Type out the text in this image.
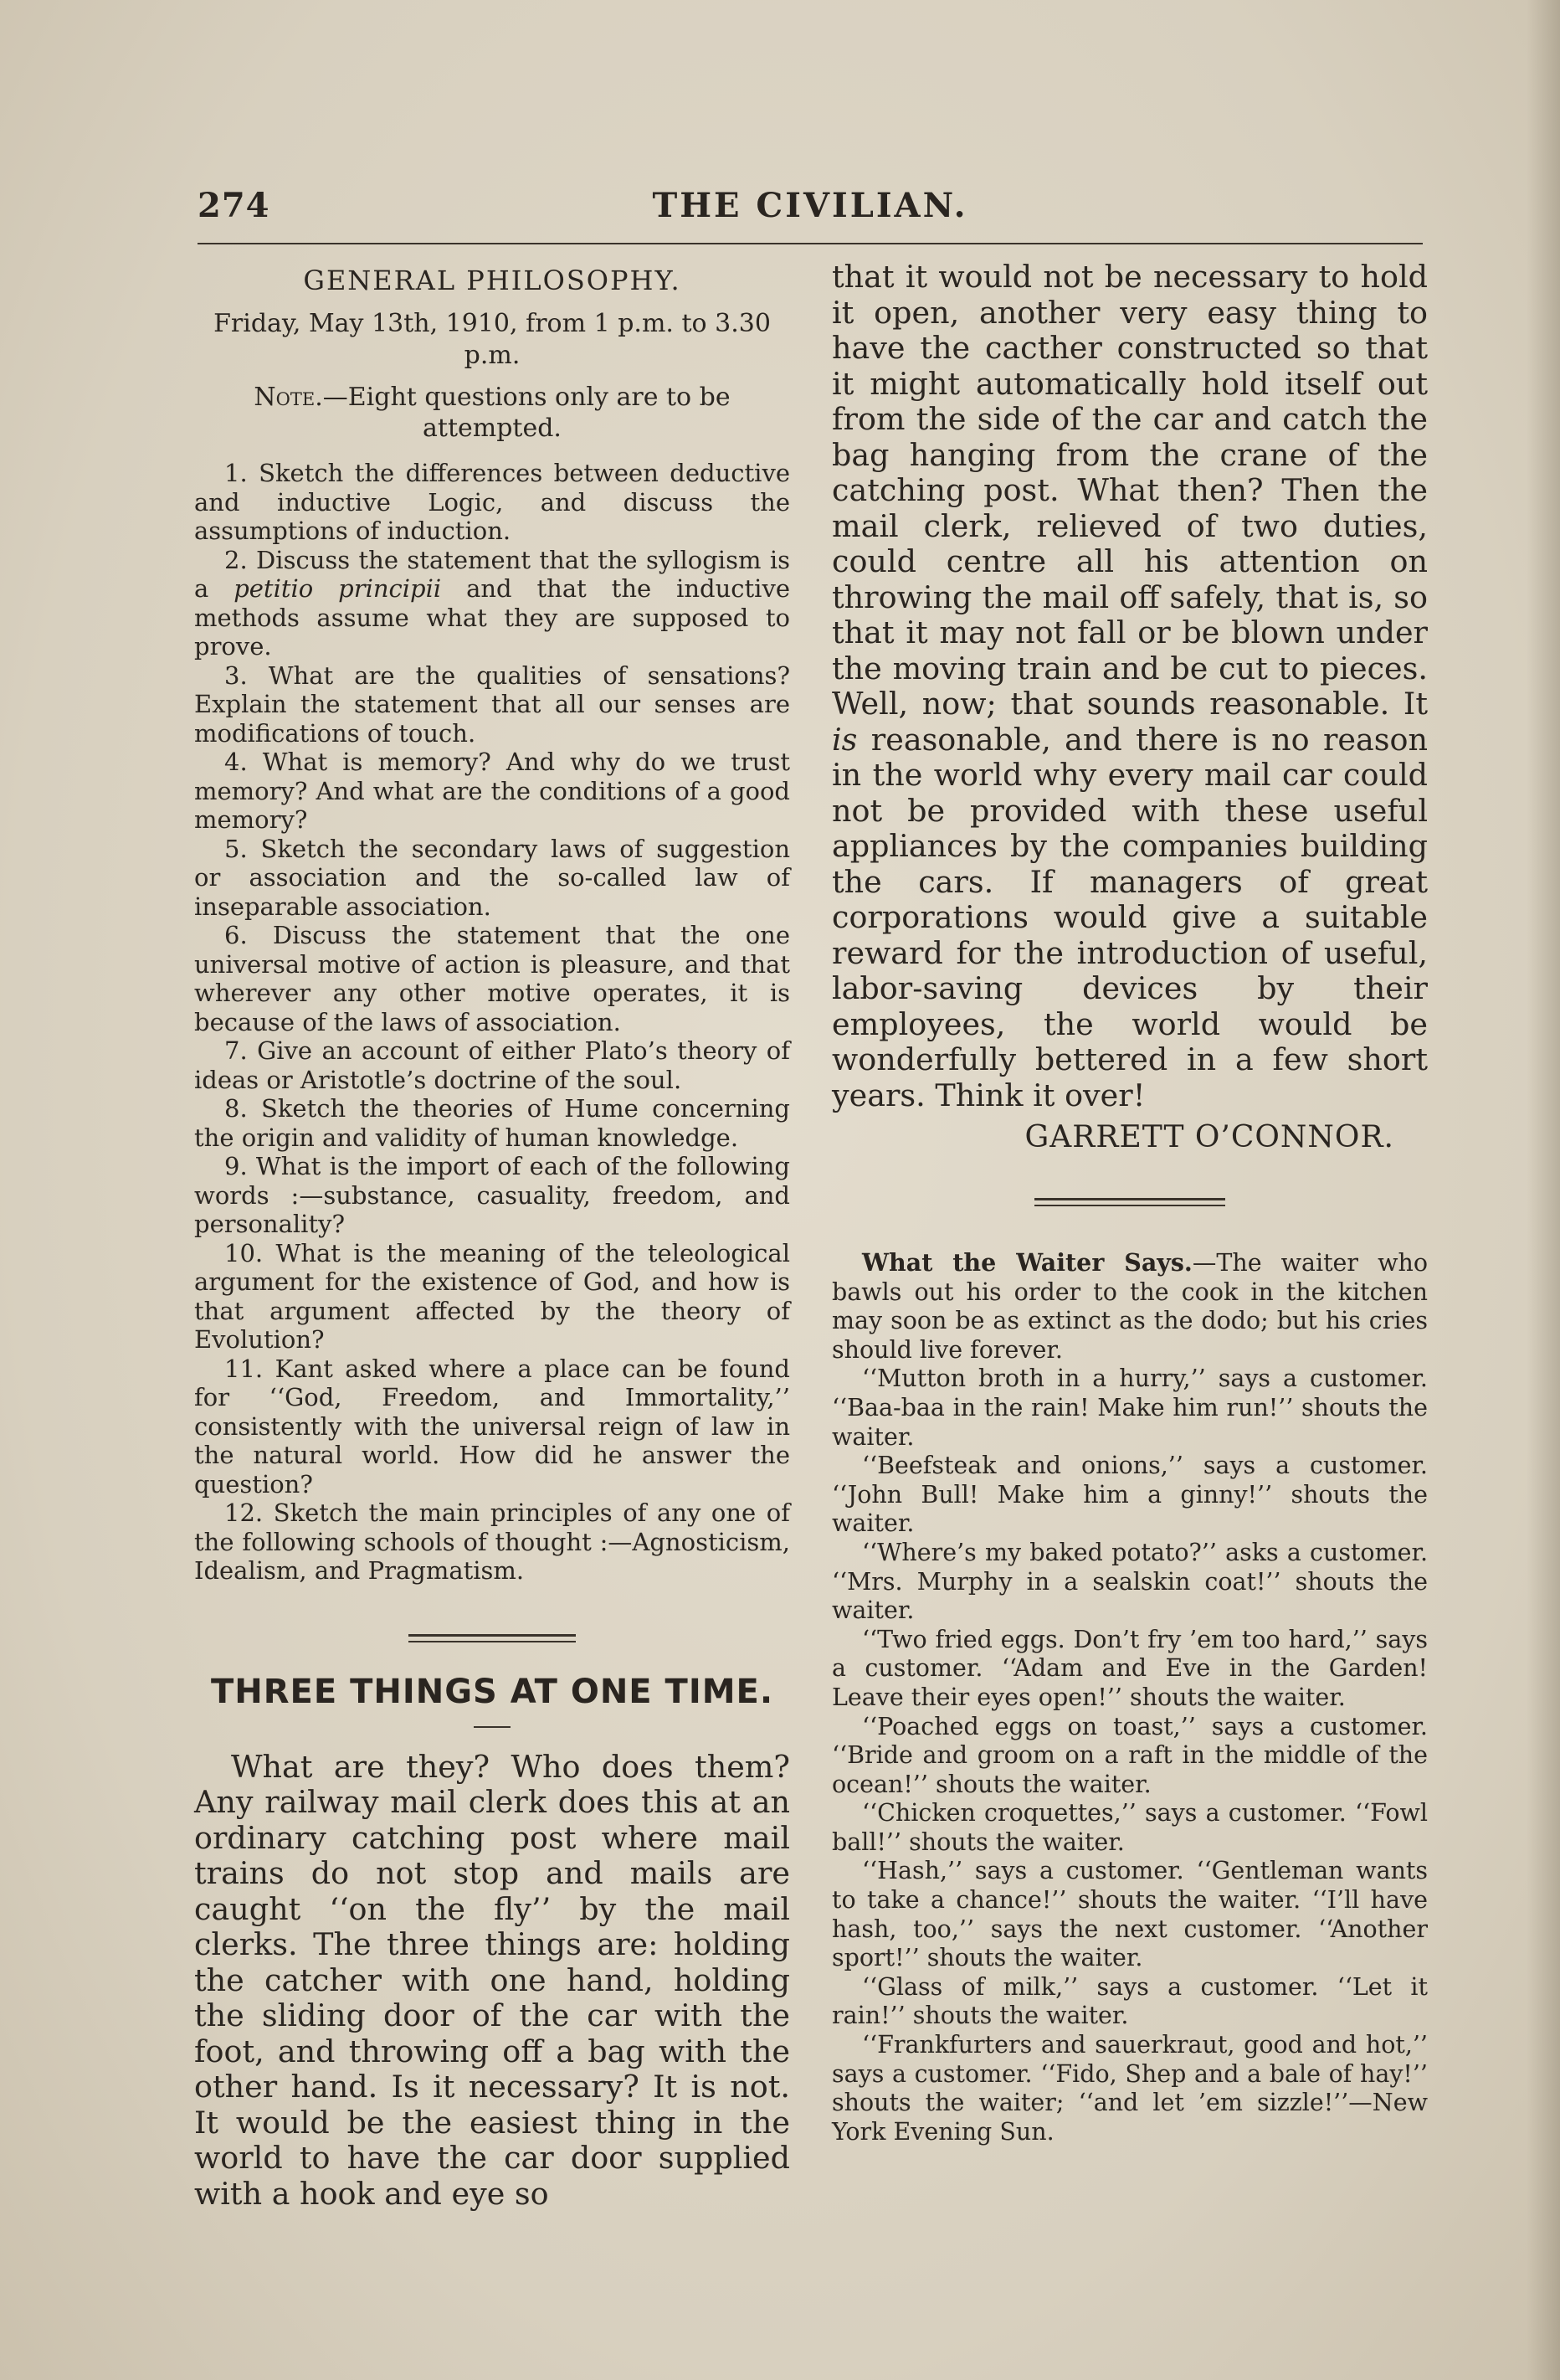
274	THE CIVILIAN.
GENERAL PHILOSOPHY.
Friday, May 13th, 1910, from 1 p.m. to 3.30 p.m.
Note.—Eight questions only are to be attempted.

1. Sketch the differences between deductive and inductive Logic, and discuss the assumptions of induction.

2. Discuss the statement that the syllogism is a petitio principii and that the inductive methods assume what they are supposed to prove.

3. What are the qualities of sensations? Explain the statement that all our senses are modifications of touch.

4. What is memory? And why do we trust memory? And what are the conditions of a good memory?

5. Sketch the secondary laws of suggestion or association and the so-called law of inseparable association.

6. Discuss the statement that the one universal motive of action is pleasure, and that wherever any other motive operates, it is because of the laws of association.

7. Give an account of either Plato’s theory of ideas or Aristotle’s doctrine of the soul.

8. Sketch the theories of Hume concerning the origin and validity of human knowledge.

9. What is the import of each of the following words :—substance, casuality, freedom, and personality?

10. What is the meaning of the teleological argument for the existence of God, and how is that argument affected by the theory of Evolution?

11. Kant asked where a place can be found for ‘‘God, Freedom, and Immortality,’’ consistently with the universal reign of law in the natural world. How did he answer the question?

12. Sketch the main principles of any one of the following schools of thought :—Agnosticism, Idealism, and Pragmatism.

THREE THINGS AT ONE TIME.

What are they? Who does them? Any railway mail clerk does this at an ordinary catching post where mail trains do not stop and mails are caught ‘‘on the fly’’ by the mail clerks. The three things are: holding the catcher with one hand, holding the sliding door of the car with the foot, and throwing off a bag with the other hand. Is it necessary? It is not. It would be the easiest thing in the world to have the car door supplied with a hook and eye so

that it would not be necessary to hold it open, another very easy thing to have the cacther constructed so that it might automatically hold itself out from the side of the car and catch the bag hanging from the crane of the catching post. What then? Then the mail clerk, relieved of two duties, could centre all his attention on throwing the mail off safely, that is, so that it may not fall or be blown under the moving train and be cut to pieces. Well, now; that sounds reasonable. It is reasonable, and there is no reason in the world why every mail car could not be provided with these useful appliances by the companies building the cars. If managers of great corporations would give a suitable reward for the introduction of useful, labor-saving devices by their employees, the world would be wonderfully bettered in a few short years. Think it over!

GARRETT O’CONNOR.

What the Waiter Says.—The waiter who bawls out his order to the cook in the kitchen may soon be as extinct as the dodo; but his cries should live forever.

‘‘Mutton broth in a hurry,’’ says a customer. ‘‘Baa-baa in the rain! Make him run!’’ shouts the waiter.

‘‘Beefsteak and onions,’’ says a customer. ‘‘John Bull! Make him a ginny!’’ shouts the waiter.

‘‘Where’s my baked potato?’’ asks a customer. ‘‘Mrs. Murphy in a sealskin coat!’’ shouts the waiter.

‘‘Two fried eggs. Don’t fry ’em too hard,’’ says a customer. ‘‘Adam and Eve in the Garden! Leave their eyes open!’’ shouts the waiter.

‘‘Poached eggs on toast,’’ says a customer. ‘‘Bride and groom on a raft in the middle of the ocean!’’ shouts the waiter.

‘‘Chicken croquettes,’’ says a customer. ‘‘Fowl ball!’’ shouts the waiter.

‘‘Hash,’’ says a customer. ‘‘Gentleman wants to take a chance!’’ shouts the waiter. ‘‘I’ll have hash, too,’’ says the next customer. ‘‘Another sport!’’ shouts the waiter.

‘‘Glass of milk,’’ says a customer. ‘‘Let it rain!’’ shouts the waiter.

‘‘Frankfurters and sauerkraut, good and hot,’’ says a customer. ‘‘Fido, Shep and a bale of hay!’’ shouts the waiter; ‘‘and let ’em sizzle!’’—New York Evening Sun.
